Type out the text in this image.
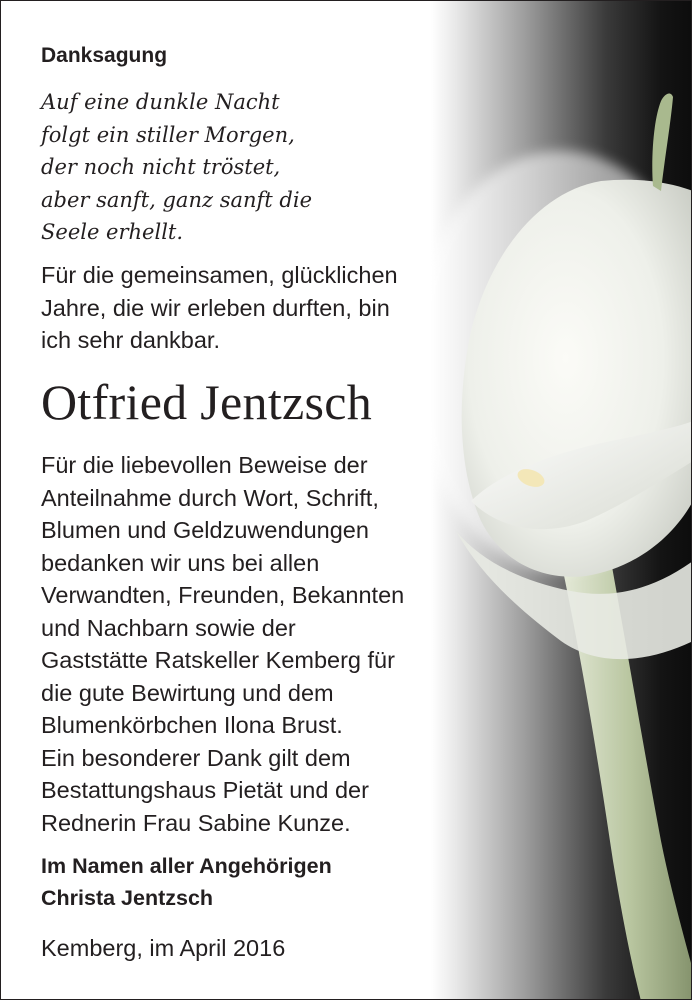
Danksagung
Auf eine dunkle Nacht
folgt ein stiller Morgen,
der noch nicht tröstet,
aber sanft, ganz sanft die
Seele erhellt.
Für die gemeinsamen, glücklichen
Jahre, die wir erleben durften, bin
ich sehr dankbar.
Otfried Jentzsch
Für die liebevollen Beweise der
Anteilnahme durch Wort, Schrift,
Blumen und Geldzuwendungen
bedanken wir uns bei allen
Verwandten, Freunden, Bekannten
und Nachbarn sowie der
Gaststätte Ratskeller Kemberg für
die gute Bewirtung und dem
Blumenkörbchen Ilona Brust.
Ein besonderer Dank gilt dem
Bestattungshaus Pietät und der
Rednerin Frau Sabine Kunze.
Im Namen aller Angehörigen
Christa Jentzsch
Kemberg, im April 2016
